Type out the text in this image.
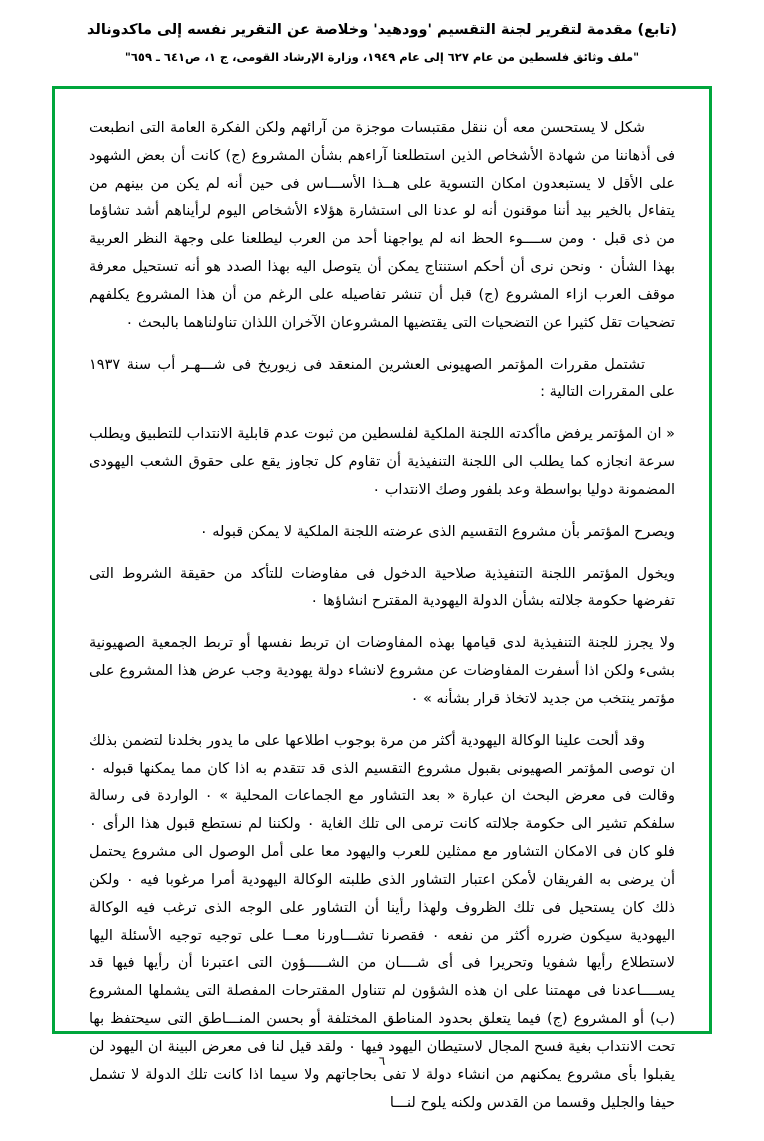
(تابع) مقدمة لتقرير لجنة التقسيم 'وودهيد' وخلاصة عن التقرير نفسه إلى ماكدونالد
"ملف وثائق فلسطين من عام ٦٢٧ إلى عام ١٩٤٩، وزارة الإرشاد القومى، ج ١، ص٦٤١ ـ ٦٥٩"

شكل لا يستحسن معه أن ننقل مقتبسات موجزة من آرائهم ولكن الفكرة العامة التى انطبعت فى أذهاننا من شهادة الأشخاص الذين استطلعنا آراءهم بشأن المشروع (ج) كانت أن بعض الشهود على الأقل لا يستبعدون امكان التسوية على هــذا الأســـاس فى حين أنه لم يكن من بينهم من يتفاءل بالخير بيد أننا موقنون أنه لو عدنا الى استشارة هؤلاء الأشخاص اليوم لرأيناهم أشد تشاؤما من ذى قبل ٠ ومن ســــوء الحظ انه لم يواجهنا أحد من العرب ليطلعنا على وجهة النظر العربية بهذا الشأن ٠ ونحن نرى أن أحكم استنتاج يمكن أن يتوصل اليه بهذا الصدد هو أنه تستحيل معرفة موقف العرب ازاء المشروع (ج) قبل أن تنشر تفاصيله على الرغم من أن هذا المشروع يكلفهم تضحيات تقل كثيرا عن التضحيات التى يقتضيها المشروعان الآخران اللذان تناولناهما بالبحث ٠

تشتمل مقررات المؤتمر الصهيونى العشرين المنعقد فى زيوريخ فى شـــهـر أب سنة ١٩٣٧ على المقررات التالية :

« ان المؤتمر يرفض ماأكدته اللجنة الملكية لفلسطين من ثبوت عدم قابلية الانتداب للتطبيق ويطلب سرعة انجازه كما يطلب الى اللجنة التنفيذية أن تقاوم كل تجاوز يقع على حقوق الشعب اليهودى المضمونة دوليا بواسطة وعد بلفور وصك الانتداب ٠

ويصرح المؤتمر بأن مشروع التقسيم الذى عرضته اللجنة الملكية لا يمكن قبوله ٠

ويخول المؤتمر اللجنة التنفيذية صلاحية الدخول فى مفاوضات للتأكد من حقيقة الشروط التى تفرضها حكومة جلالته بشأن الدولة اليهودية المقترح انشاؤها ٠

ولا يجرز للجنة التنفيذية لدى قيامها بهذه المفاوضات ان تربط نفسها أو تربط الجمعية الصهيونية بشىء ولكن اذا أسفرت المفاوضات عن مشروع لانشاء دولة يهودية وجب عرض هذا المشروع على مؤتمر ينتخب من جديد لاتخاذ قرار بشأنه » ٠

وقد ألحت علينا الوكالة اليهودية أكثر من مرة بوجوب اطلاعها على ما يدور بخلدنا لتضمن بذلك ان توصى المؤتمر الصهيونى بقبول مشروع التقسيم الذى قد تتقدم به اذا كان مما يمكنها قبوله ٠ وقالت فى معرض البحث ان عبارة « بعد التشاور مع الجماعات المحلية » ٠ الواردة فى رسالة سلفكم تشير الى حكومة جلالته كانت ترمى الى تلك الغاية ٠ ولكننا لم نستطع قبول هذا الرأى ٠ فلو كان فى الامكان التشاور مع ممثلين للعرب واليهود معا على أمل الوصول الى مشروع يحتمل أن يرضى به الفريقان لأمكن اعتبار التشاور الذى طلبته الوكالة اليهودية أمرا مرغوبا فيه ٠ ولكن ذلك كان يستحيل فى تلك الظروف ولهذا رأينا أن التشاور على الوجه الذى ترغب فيه الوكالة اليهودية سيكون ضرره أكثر من نفعه ٠ فقصرنا تشـــاورنا معــا على توجيه توجيه الأسئلة اليها لاستطلاع رأيها شفويا وتحريرا فى أى شــــان من الشـــــؤون التى اعتبرنا أن رأيها فيها قد يســــاعدنا فى مهمتنا على ان هذه الشؤون لم تتناول المقترحات المفصلة التى يشملها المشروع (ب) أو المشروع (ج) فيما يتعلق بحدود المناطق المختلفة أو بحسن المنـــاطق التى سيحتفظ بها تحت الانتداب بغية فسح المجال لاستيطان اليهود فيها ٠ ولقد قيل لنا فى معرض البينة ان اليهود لن يقبلوا بأى مشروع يمكنهم من انشاء دولة لا تفى بحاجاتهم ولا سيما اذا كانت تلك الدولة لا تشمل حيفا والجليل وقسما من القدس ولكنه يلوح لنـــا

٦
